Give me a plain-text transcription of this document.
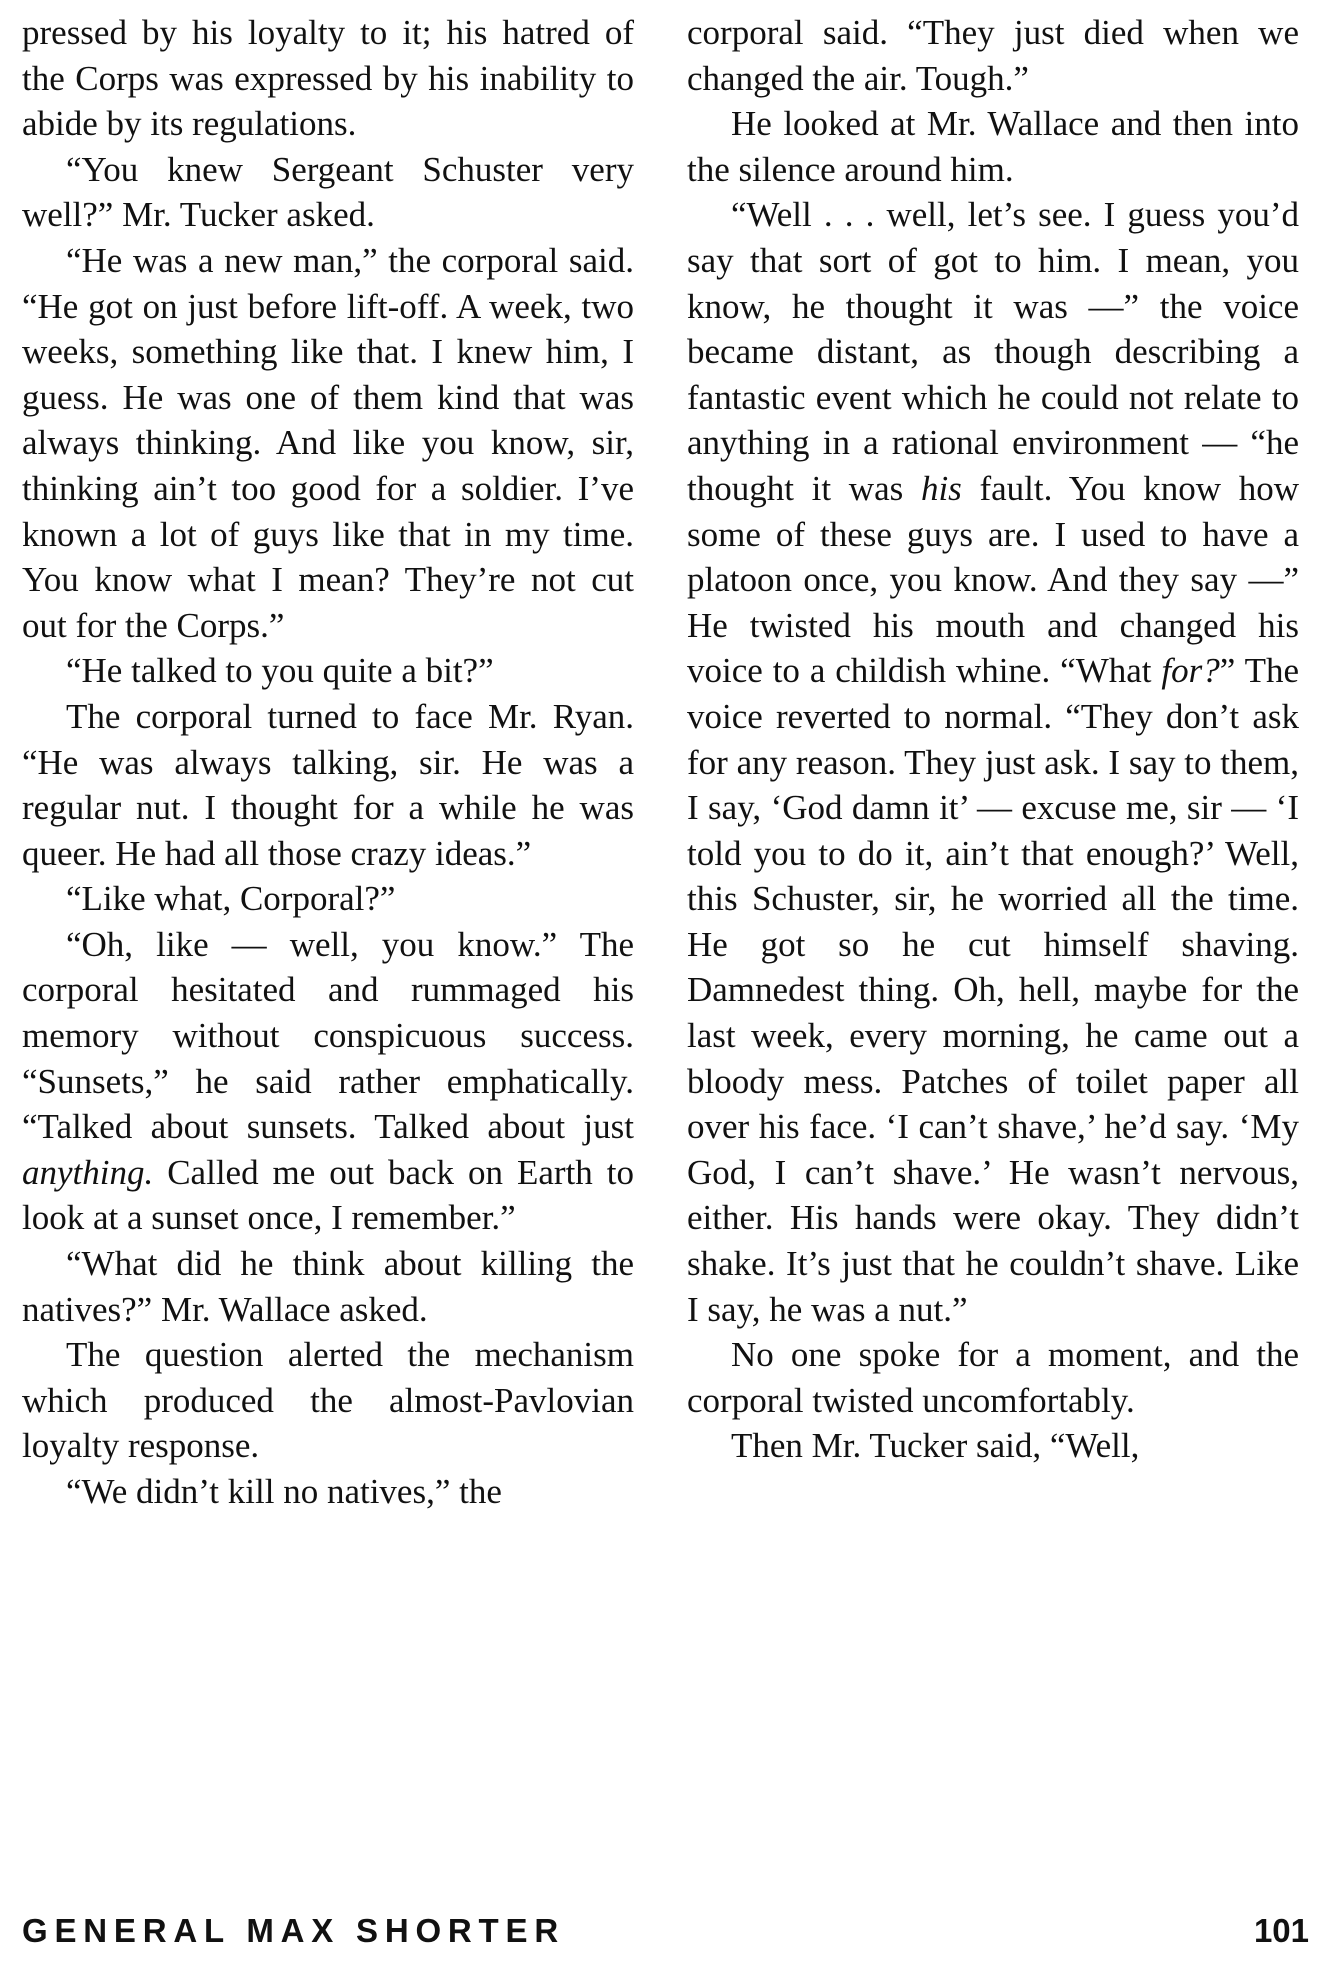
pressed by his loyalty to it; his hatred of the Corps was expressed by his inability to abide by its regulations.

“You knew Sergeant Schuster very well?” Mr. Tucker asked.

“He was a new man,” the corporal said. “He got on just before lift-off. A week, two weeks, something like that. I knew him, I guess. He was one of them kind that was always thinking. And like you know, sir, thinking ain’t too good for a soldier. I’ve known a lot of guys like that in my time. You know what I mean? They’re not cut out for the Corps.”

“He talked to you quite a bit?”

The corporal turned to face Mr. Ryan. “He was always talking, sir. He was a regular nut. I thought for a while he was queer. He had all those crazy ideas.”

“Like what, Corporal?”

“Oh, like — well, you know.” The corporal hesitated and rummaged his memory without conspicuous success. “Sunsets,” he said rather emphatically. “Talked about sunsets. Talked about just anything. Called me out back on Earth to look at a sunset once, I remember.”

“What did he think about killing the natives?” Mr. Wallace asked.

The question alerted the mechanism which produced the almost-Pavlovian loyalty response.

“We didn’t kill no natives,” the

corporal said. “They just died when we changed the air. Tough.”

He looked at Mr. Wallace and then into the silence around him.

“Well . . . well, let’s see. I guess you’d say that sort of got to him. I mean, you know, he thought it was —” the voice became distant, as though describing a fantastic event which he could not relate to anything in a rational environment — “he thought it was his fault. You know how some of these guys are. I used to have a platoon once, you know. And they say —” He twisted his mouth and changed his voice to a childish whine. “What for?” The voice reverted to normal. “They don’t ask for any reason. They just ask. I say to them, I say, ‘God damn it’ — excuse me, sir — ‘I told you to do it, ain’t that enough?’ Well, this Schuster, sir, he worried all the time. He got so he cut himself shaving. Damnedest thing. Oh, hell, maybe for the last week, every morning, he came out a bloody mess. Patches of toilet paper all over his face. ‘I can’t shave,’ he’d say. ‘My God, I can’t shave.’ He wasn’t nervous, either. His hands were okay. They didn’t shake. It’s just that he couldn’t shave. Like I say, he was a nut.”

No one spoke for a moment, and the corporal twisted uncomfortably.

Then Mr. Tucker said, “Well,

GENERAL MAX SHORTER	101
